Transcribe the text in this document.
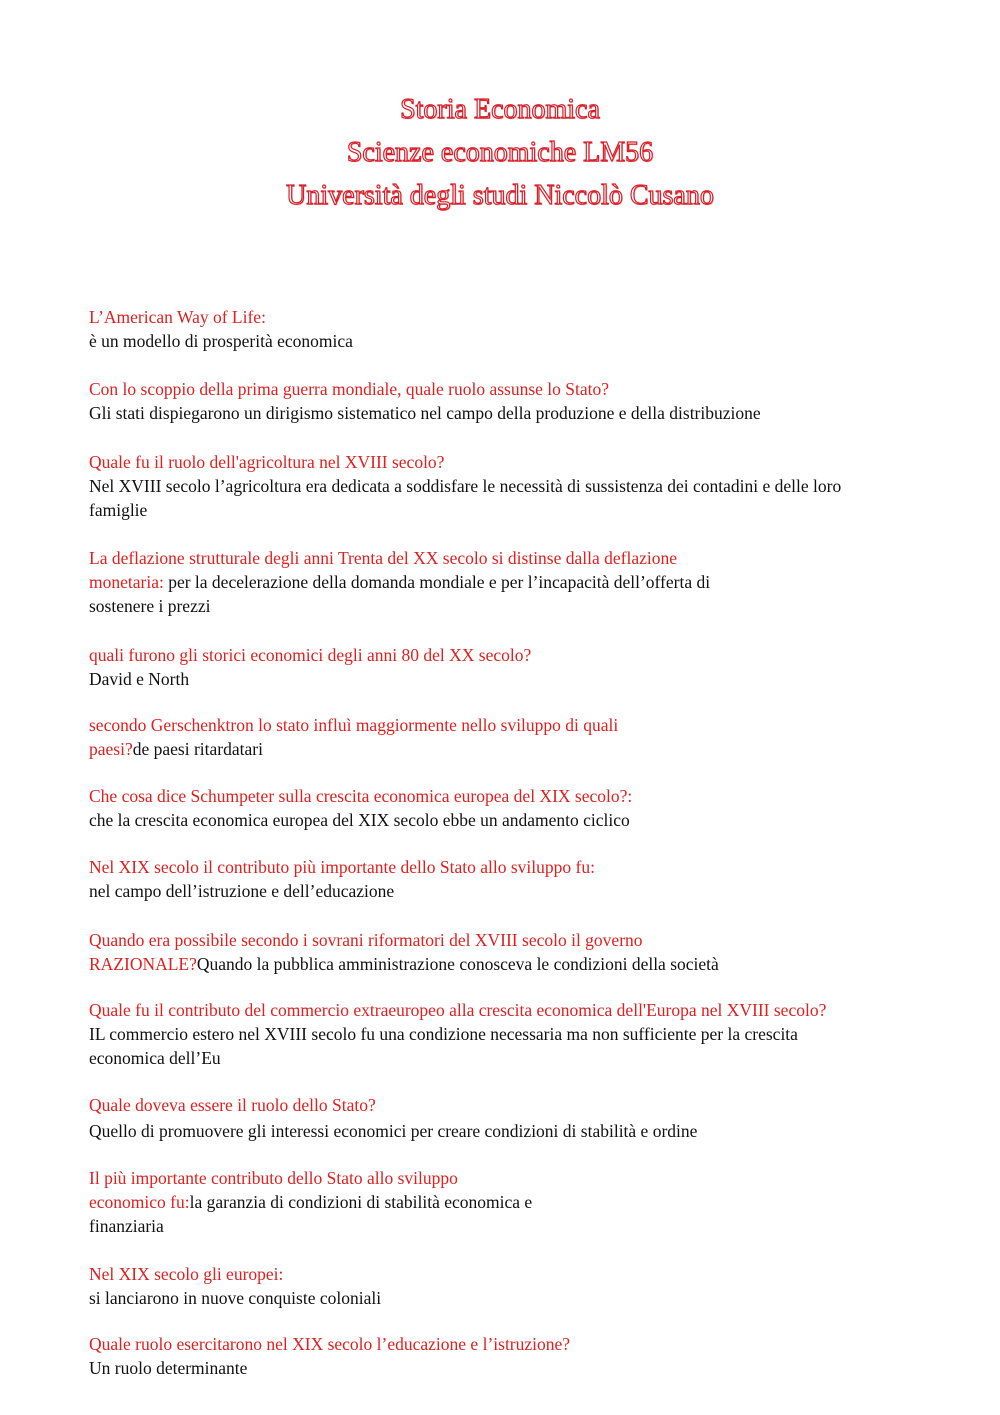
Storia Economica
Scienze economiche LM56
Università degli studi Niccolò Cusano
L’American Way of Life:
è un modello di prosperità economica
Con lo scoppio della prima guerra mondiale, quale ruolo assunse lo Stato?
Gli stati dispiegarono un dirigismo sistematico nel campo della produzione e della distribuzione
Quale fu il ruolo dell'agricoltura nel XVIII secolo?
Nel XVIII secolo l’agricoltura era dedicata a soddisfare le necessità di sussistenza dei contadini e delle loro
famiglie
La deflazione strutturale degli anni Trenta del XX secolo si distinse dalla deflazione
monetaria: per la decelerazione della domanda mondiale e per l’incapacità dell’offerta di
sostenere i prezzi
quali furono gli storici economici degli anni 80 del XX secolo?
David e North
secondo Gerschenktron lo stato influì maggiormente nello sviluppo di quali
paesi?de paesi ritardatari
Che cosa dice Schumpeter sulla crescita economica europea del XIX secolo?:
che la crescita economica europea del XIX secolo ebbe un andamento ciclico
Nel XIX secolo il contributo più importante dello Stato allo sviluppo fu:
nel campo dell’istruzione e dell’educazione
Quando era possibile secondo i sovrani riformatori del XVIII secolo il governo
RAZIONALE?Quando la pubblica amministrazione conosceva le condizioni della società
Quale fu il contributo del commercio extraeuropeo alla crescita economica dell'Europa nel XVIII secolo?
IL commercio estero nel XVIII secolo fu una condizione necessaria ma non sufficiente per la crescita
economica dell’Eu
Quale doveva essere il ruolo dello Stato?
Quello di promuovere gli interessi economici per creare condizioni di stabilità e ordine
Il più importante contributo dello Stato allo sviluppo
economico fu:la garanzia di condizioni di stabilità economica e
finanziaria
Nel XIX secolo gli europei:
si lanciarono in nuove conquiste coloniali
Quale ruolo esercitarono nel XIX secolo l’educazione e l’istruzione?
Un ruolo determinante
